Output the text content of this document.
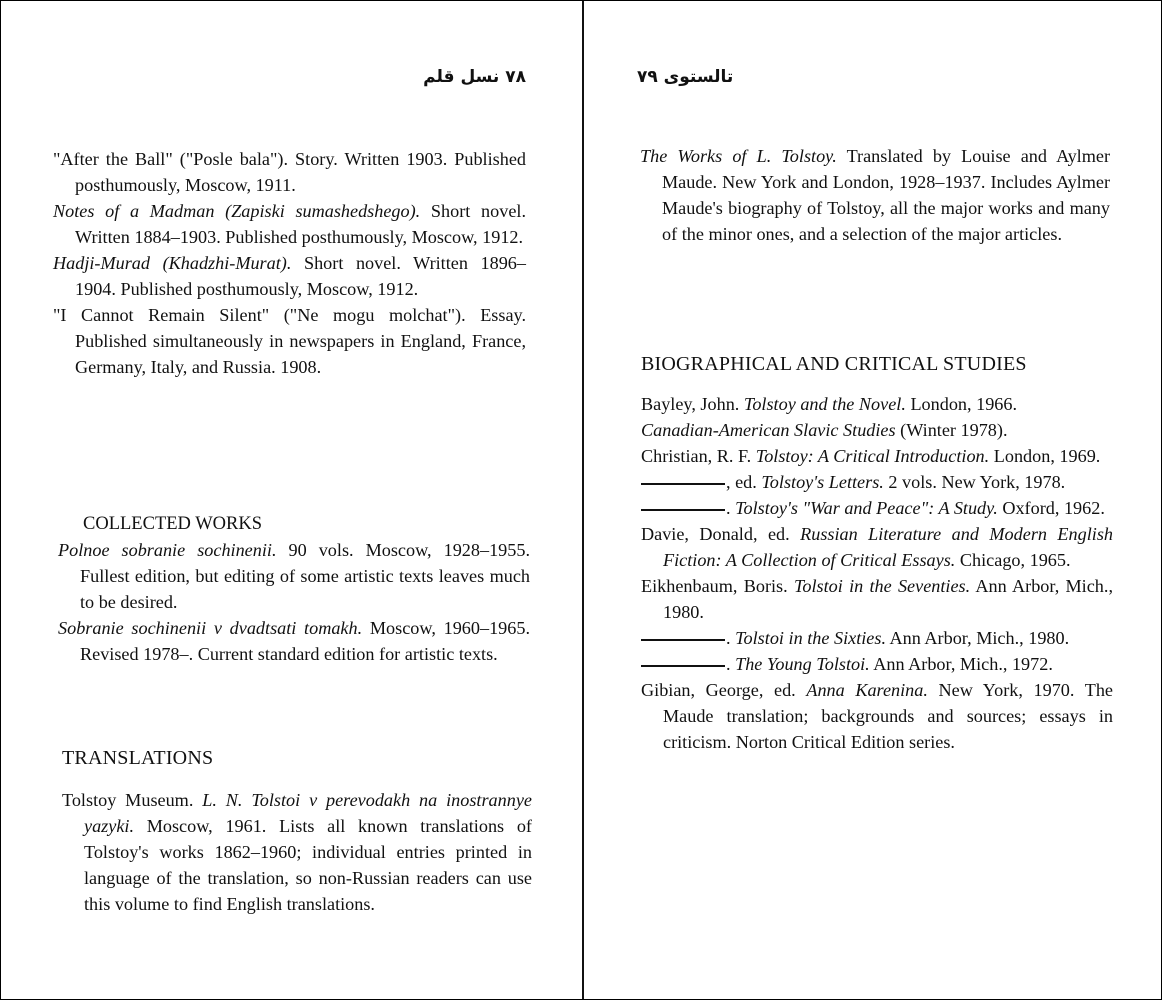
۷۸ نسل قلم

"After the Ball" ("Posle bala"). Story. Written 1903. Published posthumously, Moscow, 1911.

Notes of a Madman (Zapiski sumashedshego). Short novel. Written 1884–1903. Published posthumously, Moscow, 1912.

Hadji-Murad (Khadzhi-Murat). Short novel. Written 1896–1904. Published posthumously, Moscow, 1912.

"I Cannot Remain Silent" ("Ne mogu molchat"). Essay. Published simultaneously in newspapers in England, France, Germany, Italy, and Russia. 1908.

COLLECTED WORKS

Polnoe sobranie sochinenii. 90 vols. Moscow, 1928–1955. Fullest edition, but editing of some artistic texts leaves much to be desired.

Sobranie sochinenii v dvadtsati tomakh. Moscow, 1960–1965. Revised 1978–. Current standard edition for artistic texts.

TRANSLATIONS

Tolstoy Museum. L. N. Tolstoi v perevodakh na inostrannye yazyki. Moscow, 1961. Lists all known translations of Tolstoy's works 1862–1960; individual entries printed in language of the translation, so non-Russian readers can use this volume to find English translations.

تالستوی ۷۹

The Works of L. Tolstoy. Translated by Louise and Aylmer Maude. New York and London, 1928–1937. Includes Aylmer Maude's biography of Tolstoy, all the major works and many of the minor ones, and a selection of the major articles.

BIOGRAPHICAL AND CRITICAL STUDIES

Bayley, John. Tolstoy and the Novel. London, 1966.

Canadian-American Slavic Studies (Winter 1978).

Christian, R. F. Tolstoy: A Critical Introduction. London, 1969.

, ed. Tolstoy's Letters. 2 vols. New York, 1978.

. Tolstoy's "War and Peace": A Study. Oxford, 1962.

Davie, Donald, ed. Russian Literature and Modern English Fiction: A Collection of Critical Essays. Chicago, 1965.

Eikhenbaum, Boris. Tolstoi in the Seventies. Ann Arbor, Mich., 1980.

. Tolstoi in the Sixties. Ann Arbor, Mich., 1980.

. The Young Tolstoi. Ann Arbor, Mich., 1972.

Gibian, George, ed. Anna Karenina. New York, 1970. The Maude translation; backgrounds and sources; essays in criticism. Norton Critical Edition series.
